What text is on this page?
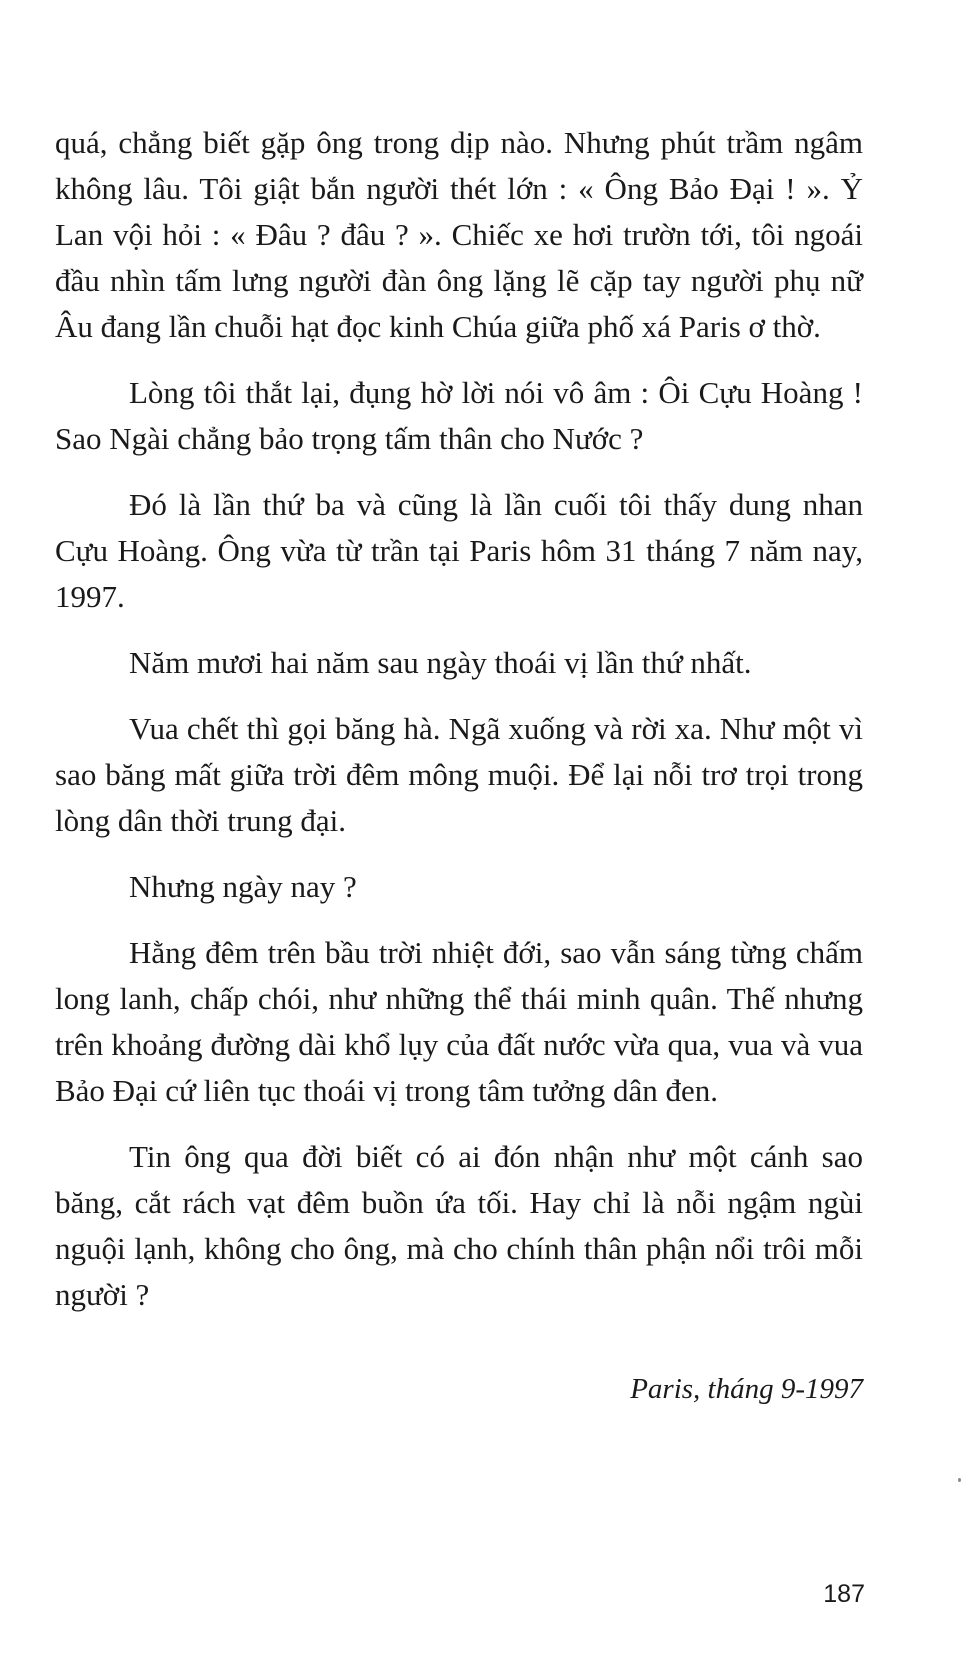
quá, chẳng biết gặp ông trong dịp nào. Nhưng phút trầm ngâm không lâu. Tôi giật bắn người thét lớn : « Ông Bảo Đại ! ». Ỷ Lan vội hỏi : « Đâu ? đâu ? ». Chiếc xe hơi trườn tới, tôi ngoái đầu nhìn tấm lưng người đàn ông lặng lẽ cặp tay người phụ nữ Âu đang lần chuỗi hạt đọc kinh Chúa giữa phố xá Paris ơ thờ.

Lòng tôi thắt lại, đụng hờ lời nói vô âm : Ôi Cựu Hoàng ! Sao Ngài chẳng bảo trọng tấm thân cho Nước ?

Đó là lần thứ ba và cũng là lần cuối tôi thấy dung nhan Cựu Hoàng. Ông vừa từ trần tại Paris hôm 31 tháng 7 năm nay, 1997.

Năm mươi hai năm sau ngày thoái vị lần thứ nhất.

Vua chết thì gọi băng hà. Ngã xuống và rời xa. Như một vì sao băng mất giữa trời đêm mông muội. Để lại nỗi trơ trọi trong lòng dân thời trung đại.

Nhưng ngày nay ?

Hằng đêm trên bầu trời nhiệt đới, sao vẫn sáng từng chấm long lanh, chấp chói, như những thể thái minh quân. Thế nhưng trên khoảng đường dài khổ lụy của đất nước vừa qua, vua và vua Bảo Đại cứ liên tục thoái vị trong tâm tưởng dân đen.

Tin ông qua đời biết có ai đón nhận như một cánh sao băng, cắt rách vạt đêm buồn ứa tối. Hay chỉ là nỗi ngậm ngùi nguội lạnh, không cho ông, mà cho chính thân phận nổi trôi mỗi người ?

Paris, tháng 9-1997

187
